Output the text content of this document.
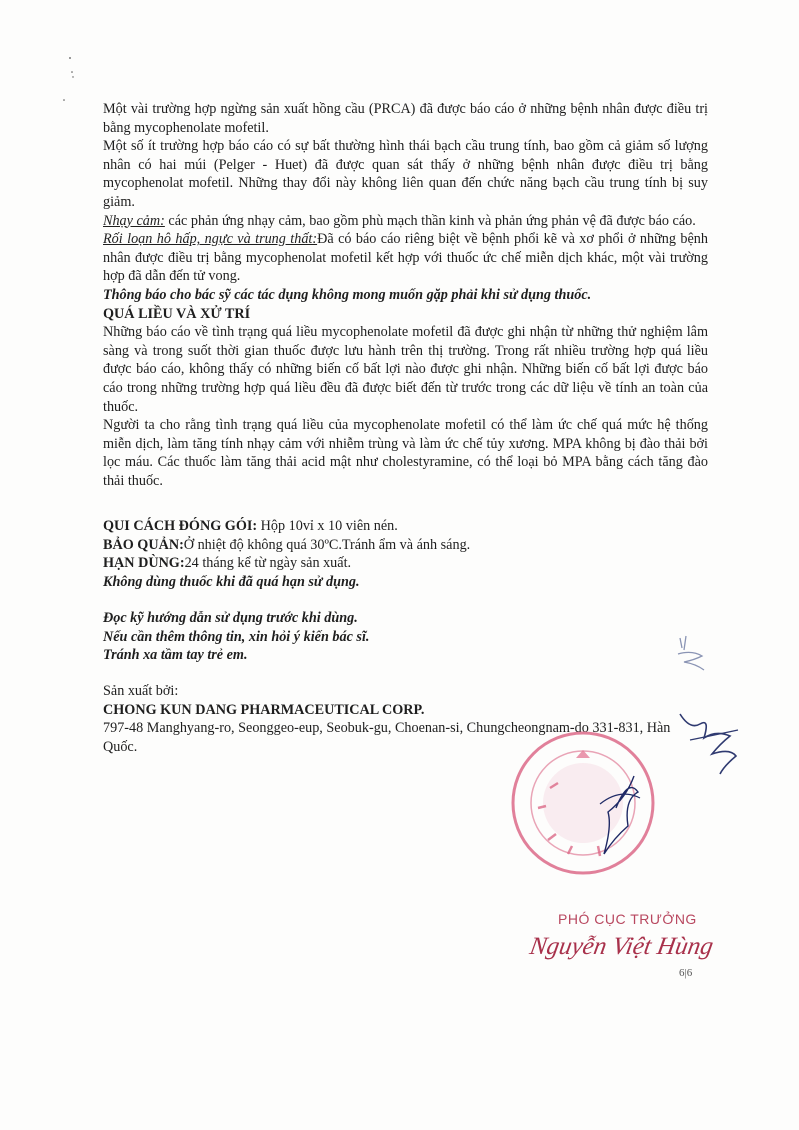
Một vài trường hợp ngừng sản xuất hồng cầu (PRCA) đã được báo cáo ở những bệnh nhân được điều trị bằng mycophenolate mofetil.

Một số ít trường hợp báo cáo có sự bất thường hình thái bạch cầu trung tính, bao gồm cả giảm số lượng nhân có hai múi (Pelger - Huet) đã được quan sát thấy ở những bệnh nhân được điều trị bằng mycophenolat mofetil. Những thay đổi này không liên quan đến chức năng bạch cầu trung tính bị suy giảm.

Nhạy cảm: các phản ứng nhạy cảm, bao gồm phù mạch thần kinh và phản ứng phản vệ đã được báo cáo.

Rối loạn hô hấp, ngực và trung thất:Đã có báo cáo riêng biệt về bệnh phổi kẽ và xơ phổi ở những bệnh nhân được điều trị bằng mycophenolat mofetil kết hợp với thuốc ức chế miễn dịch khác, một vài trường hợp đã dẫn đến tử vong.

Thông báo cho bác sỹ các tác dụng không mong muốn gặp phải khi sử dụng thuốc.

QUÁ LIỀU VÀ XỬ TRÍ

Những báo cáo về tình trạng quá liều mycophenolate mofetil đã được ghi nhận từ những thử nghiệm lâm sàng và trong suốt thời gian thuốc được lưu hành trên thị trường. Trong rất nhiều trường hợp quá liều được báo cáo, không thấy có những biến cố bất lợi nào được ghi nhận. Những biến cố bất lợi được báo cáo trong những trường hợp quá liều đều đã được biết đến từ trước trong các dữ liệu về tính an toàn của thuốc.

Người ta cho rằng tình trạng quá liều của mycophenolate mofetil có thể làm ức chế quá mức hệ thống miễn dịch, làm tăng tính nhạy cảm với nhiễm trùng và làm ức chế tủy xương. MPA không bị đào thải bởi lọc máu. Các thuốc làm tăng thải acid mật như cholestyramine, có thể loại bỏ MPA bằng cách tăng đào thải thuốc.

QUI CÁCH ĐÓNG GÓI: Hộp 10vỉ x 10 viên nén.

BẢO QUẢN:Ở nhiệt độ không quá 30ºC.Tránh ẩm và ánh sáng.

HẠN DÙNG:24 tháng kể từ ngày sản xuất.

Không dùng thuốc khi đã quá hạn sử dụng.

Đọc kỹ hướng dẫn sử dụng trước khi dùng.

Nếu cần thêm thông tin, xin hỏi ý kiến bác sĩ.

Tránh xa tầm tay trẻ em.

Sản xuất bởi:

CHONG KUN DANG PHARMACEUTICAL CORP.

797-48 Manghyang-ro, Seonggeo-eup, Seobuk-gu, Choenan-si, Chungcheongnam-do 331-831, Hàn Quốc.

PHÓ CỤC TRƯỞNG
Nguyễn Việt Hùng
6|6
